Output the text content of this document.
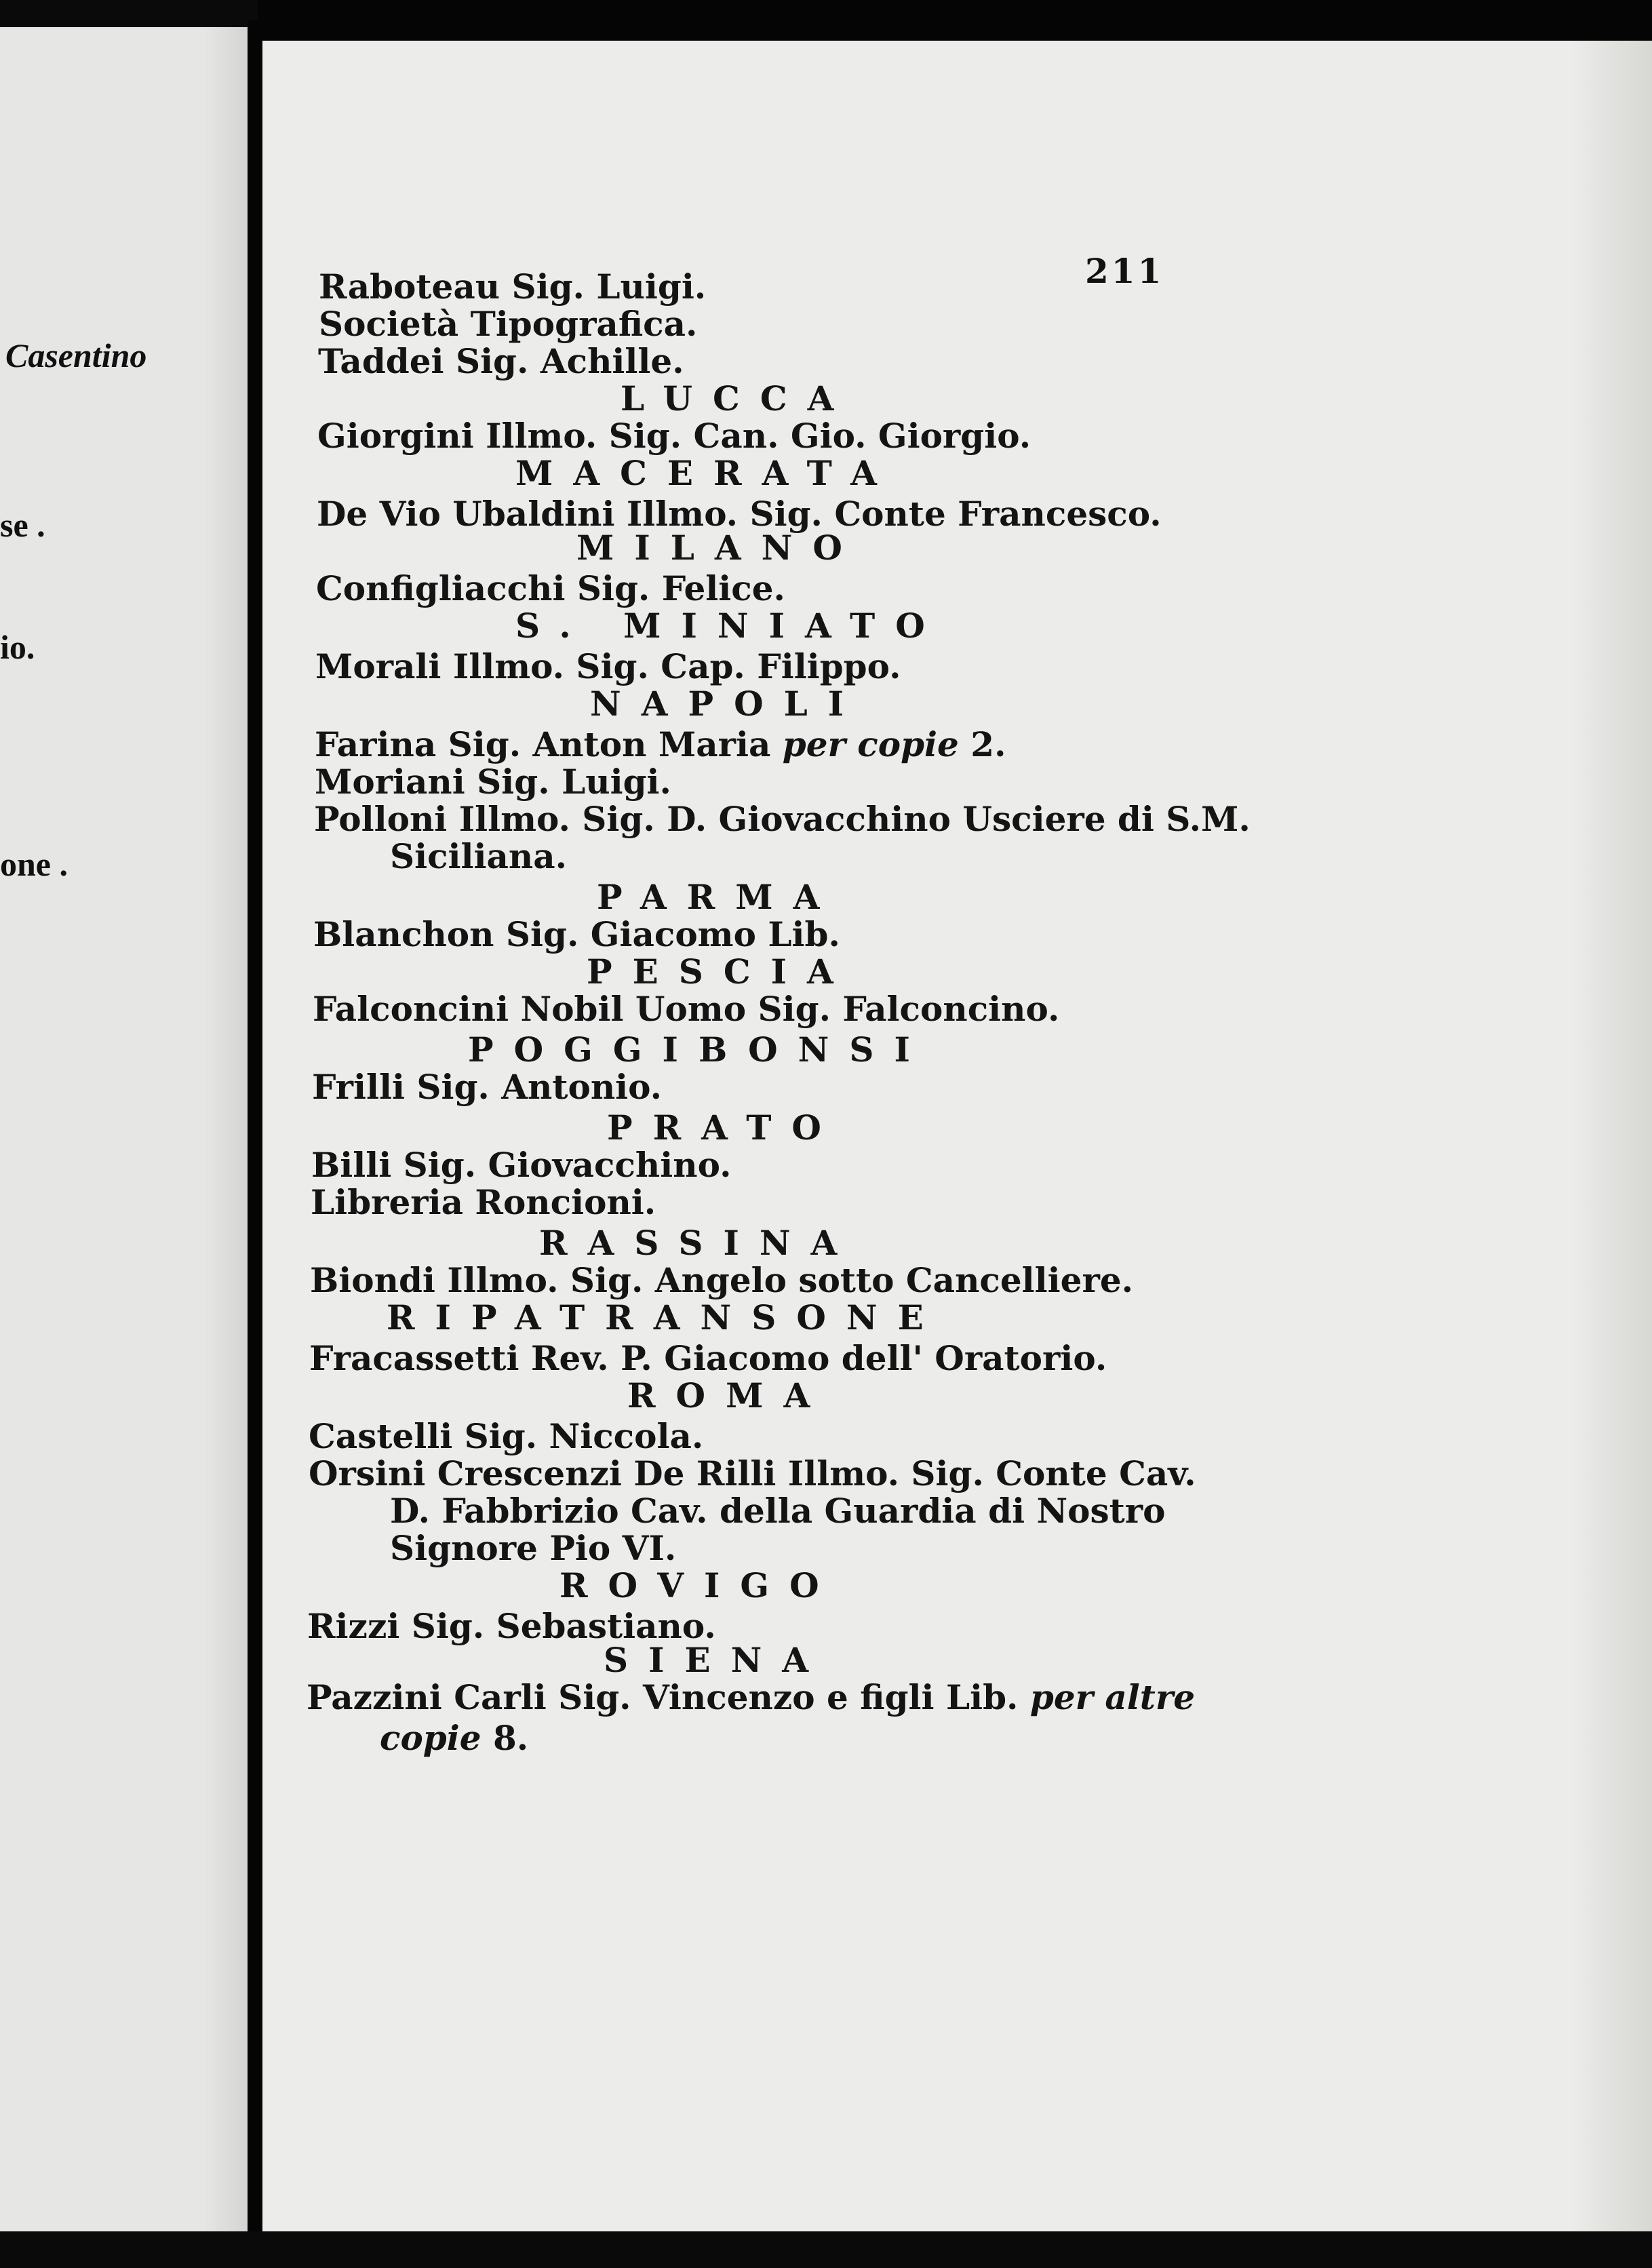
Casentino
se .
io.
one .
211
Raboteau Sig. Luigi.
Società Tipografica.
Taddei Sig. Achille.
LUCCA
Giorgini Illmo. Sig. Can. Gio. Giorgio.
MACERATA
De Vio Ubaldini Illmo. Sig. Conte Francesco.
MILANO
Configliacchi Sig. Felice.
S. MINIATO
Morali Illmo. Sig. Cap. Filippo.
NAPOLI
Farina Sig. Anton Maria per copie 2.
Moriani Sig. Luigi.
Polloni Illmo. Sig. D. Giovacchino Usciere di S.M.
Siciliana.
PARMA
Blanchon Sig. Giacomo Lib.
PESCIA
Falconcini Nobil Uomo Sig. Falconcino.
POGGIBONSI
Frilli Sig. Antonio.
PRATO
Billi Sig. Giovacchino.
Libreria Roncioni.
RASSINA
Biondi Illmo. Sig. Angelo sotto Cancelliere.
RIPATRANSONE
Fracassetti Rev. P. Giacomo dell' Oratorio.
ROMA
Castelli Sig. Niccola.
Orsini Crescenzi De Rilli Illmo. Sig. Conte Cav.
D. Fabbrizio Cav. della Guardia di Nostro
Signore Pio VI.
ROVIGO
Rizzi Sig. Sebastiano.
SIENA
Pazzini Carli Sig. Vincenzo e figli Lib. per altre
copie 8.
